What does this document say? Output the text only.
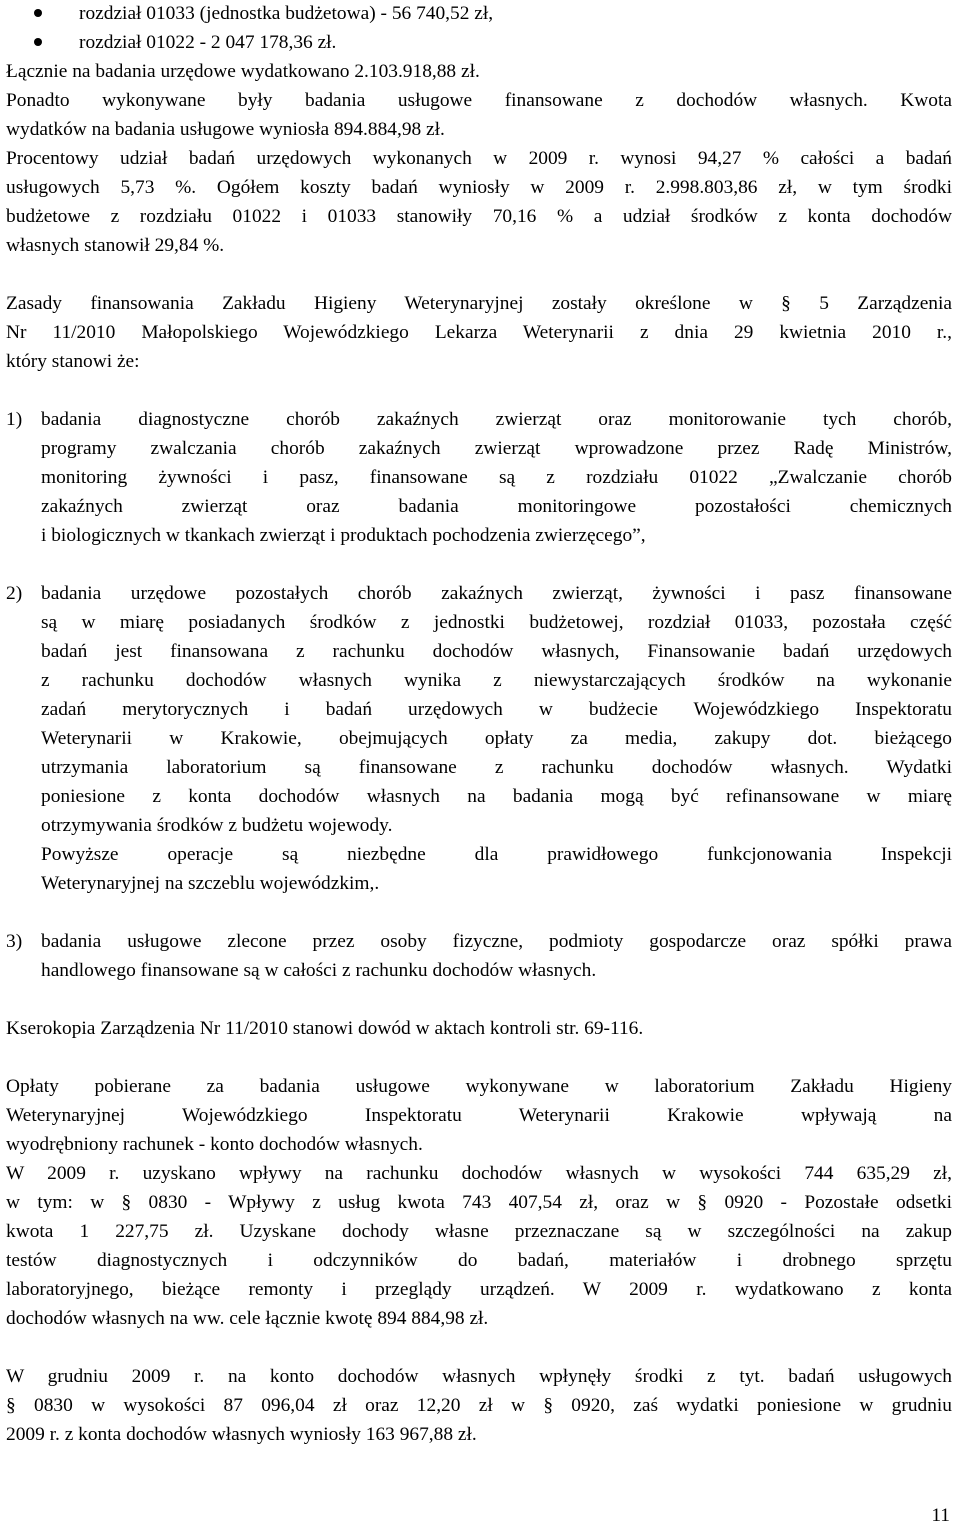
rozdział 01033 (jednostka budżetowa) - 56 740,52 zł,
rozdział 01022 - 2 047 178,36 zł.
Łącznie na badania urzędowe wydatkowano 2.103.918,88 zł.
Ponadto wykonywane były badania usługowe finansowane z dochodów własnych. Kwota
wydatków na badania usługowe wyniosła 894.884,98 zł.
Procentowy udział badań urzędowych wykonanych w 2009 r. wynosi 94,27 % całości a badań
usługowych 5,73 %. Ogółem koszty badań wyniosły w 2009 r. 2.998.803,86 zł, w tym środki
budżetowe z rozdziału 01022 i 01033 stanowiły 70,16 % a udział środków z konta dochodów
własnych stanowił 29,84 %.
Zasady finansowania Zakładu Higieny Weterynaryjnej zostały określone w § 5 Zarządzenia
Nr 11/2010 Małopolskiego Wojewódzkiego Lekarza Weterynarii z dnia 29 kwietnia 2010 r.,
który stanowi że:
1) badania diagnostyczne chorób zakaźnych zwierząt oraz monitorowanie tych chorób,
programy zwalczania chorób zakaźnych zwierząt wprowadzone przez Radę Ministrów,
monitoring żywności i pasz, finansowane są z rozdziału 01022 „Zwalczanie chorób
zakaźnych zwierząt oraz badania monitoringowe pozostałości chemicznych
i biologicznych w tkankach zwierząt i produktach pochodzenia zwierzęcego”,
2) badania urzędowe pozostałych chorób zakaźnych zwierząt, żywności i pasz finansowane
są w miarę posiadanych środków z jednostki budżetowej, rozdział 01033, pozostała część
badań jest finansowana z rachunku dochodów własnych, Finansowanie badań urzędowych
z rachunku dochodów własnych wynika z niewystarczających środków na wykonanie
zadań merytorycznych i badań urzędowych w budżecie Wojewódzkiego Inspektoratu
Weterynarii w Krakowie, obejmujących opłaty za media, zakupy dot. bieżącego
utrzymania laboratorium są finansowane z rachunku dochodów własnych. Wydatki
poniesione z konta dochodów własnych na badania mogą być refinansowane w miarę
otrzymywania środków z budżetu wojewody.
Powyższe operacje są niezbędne dla prawidłowego funkcjonowania Inspekcji
Weterynaryjnej na szczeblu wojewódzkim,.
3) badania usługowe zlecone przez osoby fizyczne, podmioty gospodarcze oraz spółki prawa
handlowego finansowane są w całości z rachunku dochodów własnych.
Kserokopia Zarządzenia Nr 11/2010 stanowi dowód w aktach kontroli str. 69-116.
Opłaty pobierane za badania usługowe wykonywane w laboratorium Zakładu Higieny
Weterynaryjnej Wojewódzkiego Inspektoratu Weterynarii Krakowie wpływają na
wyodrębniony rachunek - konto dochodów własnych.
W 2009 r. uzyskano wpływy na rachunku dochodów własnych w wysokości 744 635,29 zł,
w tym: w § 0830 - Wpływy z usług kwota 743 407,54 zł, oraz w § 0920 - Pozostałe odsetki
kwota 1 227,75 zł. Uzyskane dochody własne przeznaczane są w szczególności na zakup
testów diagnostycznych i odczynników do badań, materiałów i drobnego sprzętu
laboratoryjnego, bieżące remonty i przeglądy urządzeń. W 2009 r. wydatkowano z konta
dochodów własnych na ww. cele łącznie kwotę 894 884,98 zł.
W grudniu 2009 r. na konto dochodów własnych wpłynęły środki z tyt. badań usługowych
§ 0830 w wysokości 87 096,04 zł oraz 12,20 zł w § 0920, zaś wydatki poniesione w grudniu
2009 r. z konta dochodów własnych wyniosły 163 967,88 zł.
11
